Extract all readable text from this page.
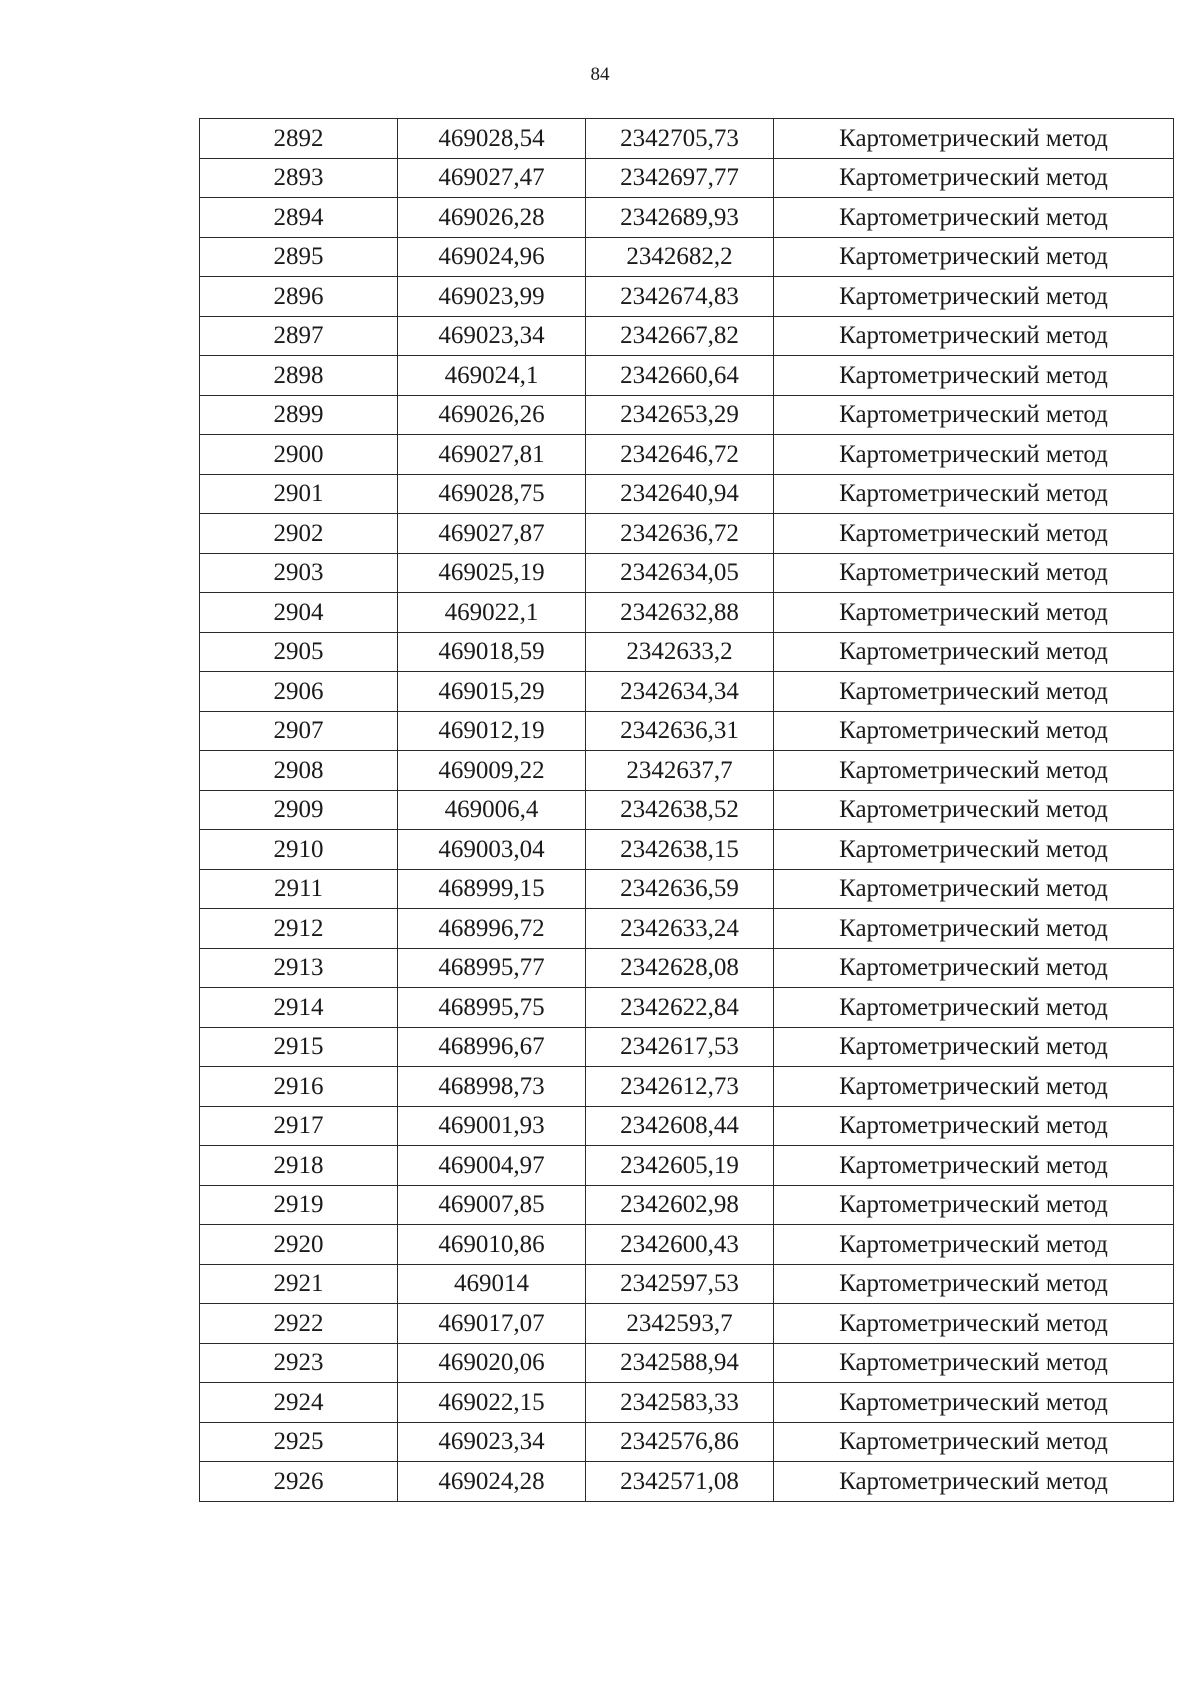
84
2892	469028,54	2342705,73	Картометрический метод
2893	469027,47	2342697,77	Картометрический метод
2894	469026,28	2342689,93	Картометрический метод
2895	469024,96	2342682,2	Картометрический метод
2896	469023,99	2342674,83	Картометрический метод
2897	469023,34	2342667,82	Картометрический метод
2898	469024,1	2342660,64	Картометрический метод
2899	469026,26	2342653,29	Картометрический метод
2900	469027,81	2342646,72	Картометрический метод
2901	469028,75	2342640,94	Картометрический метод
2902	469027,87	2342636,72	Картометрический метод
2903	469025,19	2342634,05	Картометрический метод
2904	469022,1	2342632,88	Картометрический метод
2905	469018,59	2342633,2	Картометрический метод
2906	469015,29	2342634,34	Картометрический метод
2907	469012,19	2342636,31	Картометрический метод
2908	469009,22	2342637,7	Картометрический метод
2909	469006,4	2342638,52	Картометрический метод
2910	469003,04	2342638,15	Картометрический метод
2911	468999,15	2342636,59	Картометрический метод
2912	468996,72	2342633,24	Картометрический метод
2913	468995,77	2342628,08	Картометрический метод
2914	468995,75	2342622,84	Картометрический метод
2915	468996,67	2342617,53	Картометрический метод
2916	468998,73	2342612,73	Картометрический метод
2917	469001,93	2342608,44	Картометрический метод
2918	469004,97	2342605,19	Картометрический метод
2919	469007,85	2342602,98	Картометрический метод
2920	469010,86	2342600,43	Картометрический метод
2921	469014	2342597,53	Картометрический метод
2922	469017,07	2342593,7	Картометрический метод
2923	469020,06	2342588,94	Картометрический метод
2924	469022,15	2342583,33	Картометрический метод
2925	469023,34	2342576,86	Картометрический метод
2926	469024,28	2342571,08	Картометрический метод
